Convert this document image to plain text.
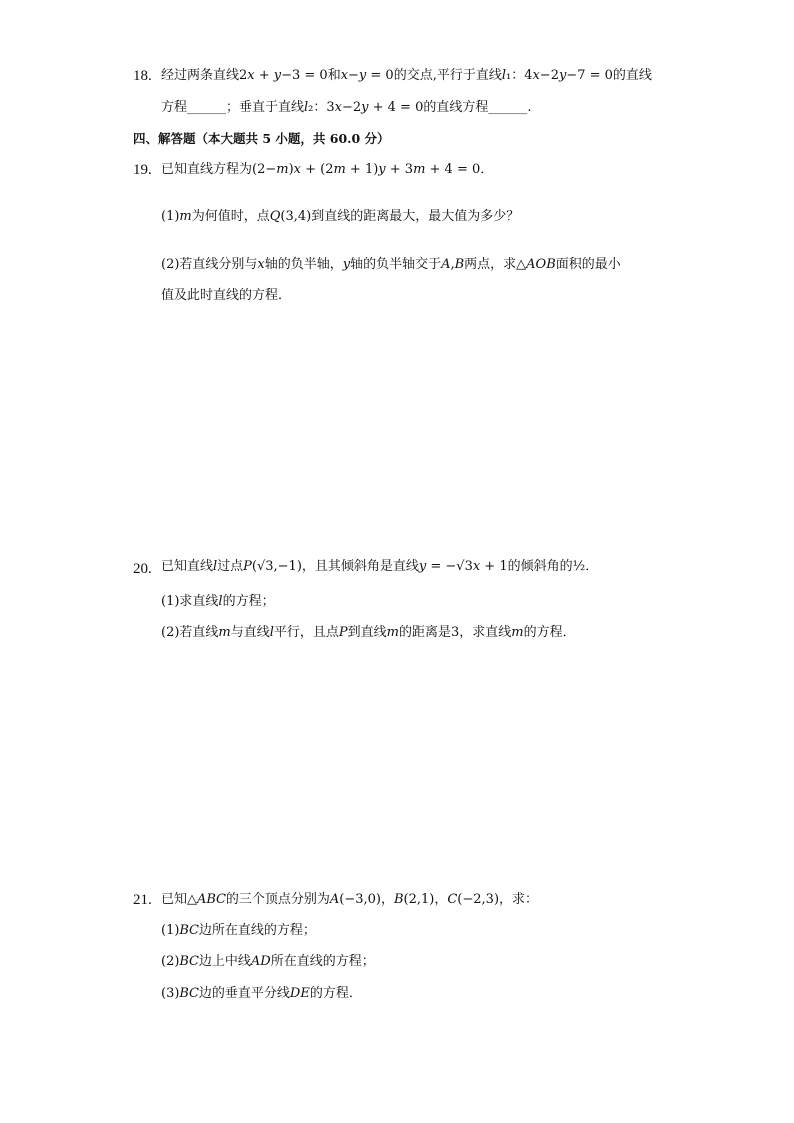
18. 经过两条直线2𝑥 + 𝑦−3 = 0和𝑥−𝑦 = 0的交点,平行于直线𝑙₁：4𝑥−2𝑦−7 = 0的直线
方程______；垂直于直线𝑙₂：3𝑥−2𝑦 + 4 = 0的直线方程______.
四、解答题（本大题共 5 小题，共 60.0 分）
19. 已知直线方程为(2−𝑚)𝑥 + (2𝑚 + 1)𝑦 + 3𝑚 + 4 = 0．
(1)𝑚为何值时，点𝑄(3,4)到直线的距离最大，最大值为多少？
(2)若直线分别与𝑥轴的负半轴，𝑦轴的负半轴交于𝐴,𝐵两点，求△𝐴𝑂𝐵面积的最小
值及此时直线的方程．
20. 已知直线𝑙过点𝑃(√3,−1)，且其倾斜角是直线𝑦 = −√3𝑥 + 1的倾斜角的½．
(1)求直线𝑙的方程；
(2)若直线𝑚与直线𝑙平行，且点𝑃到直线𝑚的距离是3，求直线𝑚的方程．
21. 已知△𝐴𝐵𝐶的三个顶点分别为𝐴(−3,0)，𝐵(2,1)，𝐶(−2,3)，求：
(1)𝐵𝐶边所在直线的方程；
(2)𝐵𝐶边上中线𝐴𝐷所在直线的方程；
(3)𝐵𝐶边的垂直平分线𝐷𝐸的方程．
